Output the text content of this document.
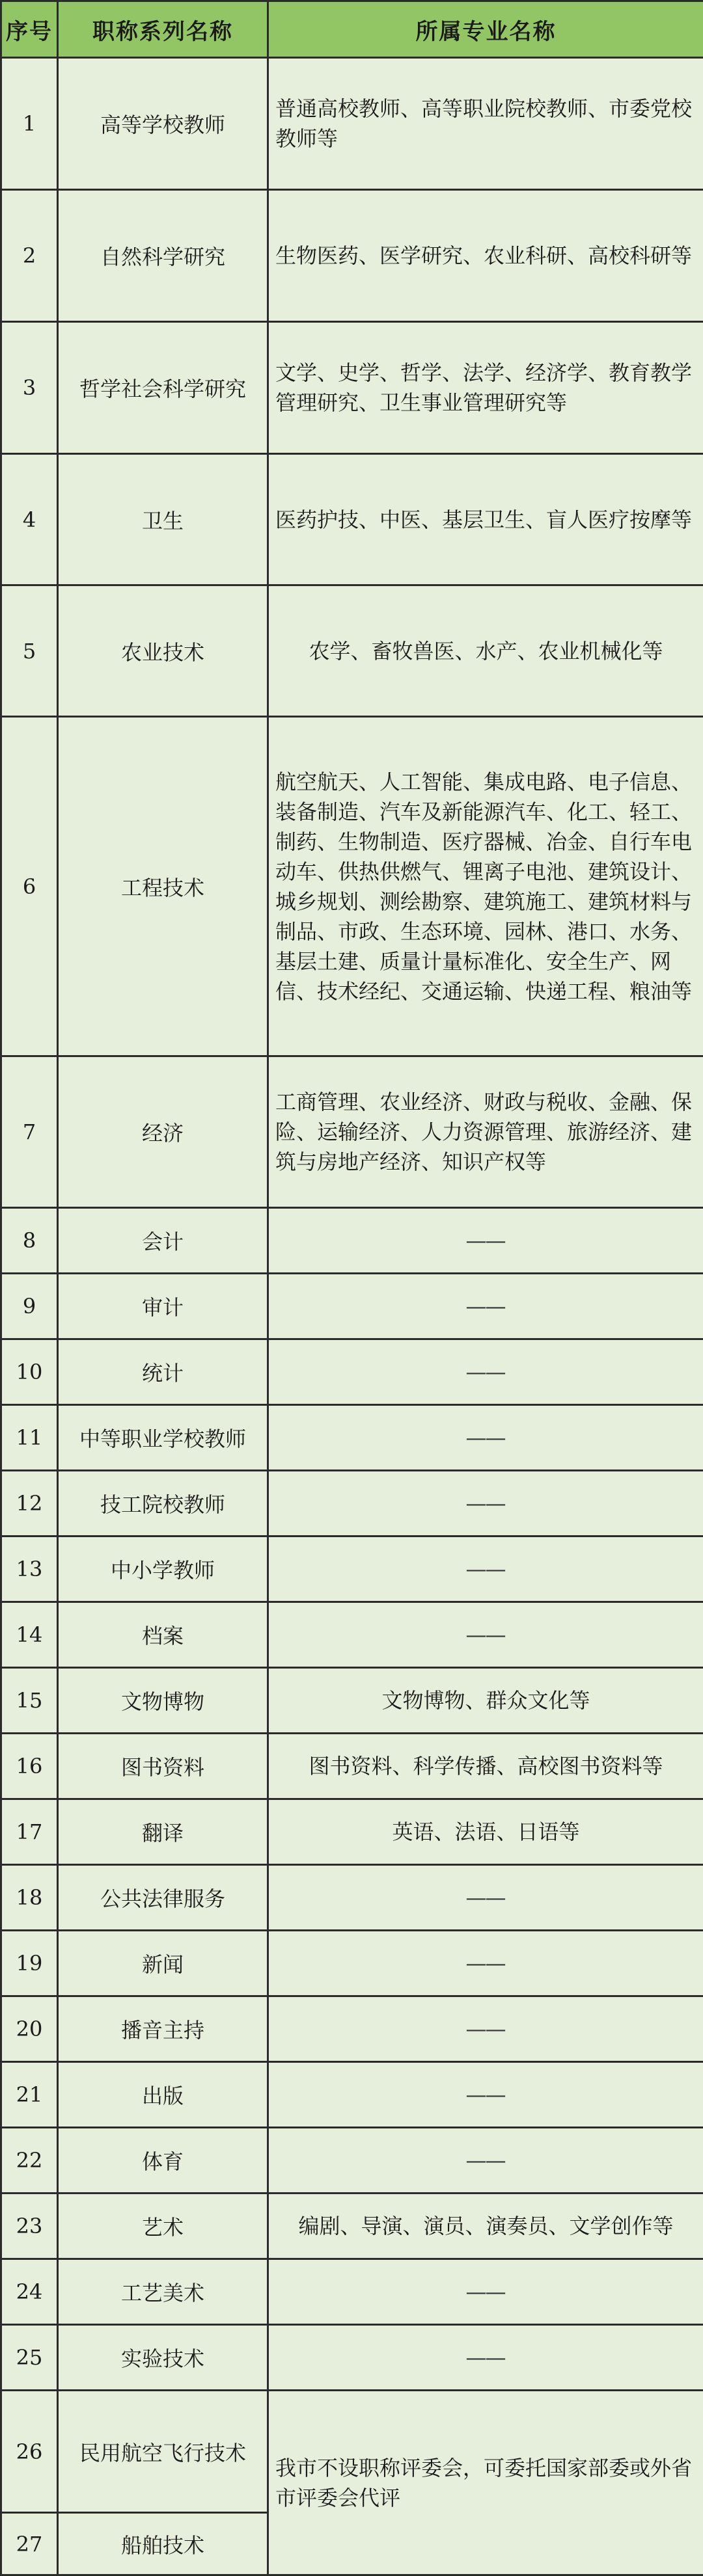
序号	职称系列名称	所属专业名称
1	高等学校教师	普通高校教师、高等职业院校教师、市委党校教师等
2	自然科学研究	生物医药、医学研究、农业科研、高校科研等
3	哲学社会科学研究	文学、史学、哲学、法学、经济学、教育教学管理研究、卫生事业管理研究等
4	卫生	医药护技、中医、基层卫生、盲人医疗按摩等
5	农业技术	农学、畜牧兽医、水产、农业机械化等
6	工程技术	航空航天、人工智能、集成电路、电子信息、装备制造、汽车及新能源汽车、化工、轻工、制药、生物制造、医疗器械、冶金、自行车电动车、供热供燃气、锂离子电池、建筑设计、城乡规划、测绘勘察、建筑施工、建筑材料与制品、市政、生态环境、园林、港口、水务、基层土建、质量计量标准化、安全生产、网信、技术经纪、交通运输、快递工程、粮油等
7	经济	工商管理、农业经济、财政与税收、金融、保险、运输经济、人力资源管理、旅游经济、建筑与房地产经济、知识产权等
8	会计	——
9	审计	——
10	统计	——
11	中等职业学校教师	——
12	技工院校教师	——
13	中小学教师	——
14	档案	——
15	文物博物	文物博物、群众文化等
16	图书资料	图书资料、科学传播、高校图书资料等
17	翻译	英语、法语、日语等
18	公共法律服务	——
19	新闻	——
20	播音主持	——
21	出版	——
22	体育	——
23	艺术	编剧、导演、演员、演奏员、文学创作等
24	工艺美术	——
25	实验技术	——
26	民用航空飞行技术	我市不设职称评委会，可委托国家部委或外省市评委会代评
27	船舶技术	
